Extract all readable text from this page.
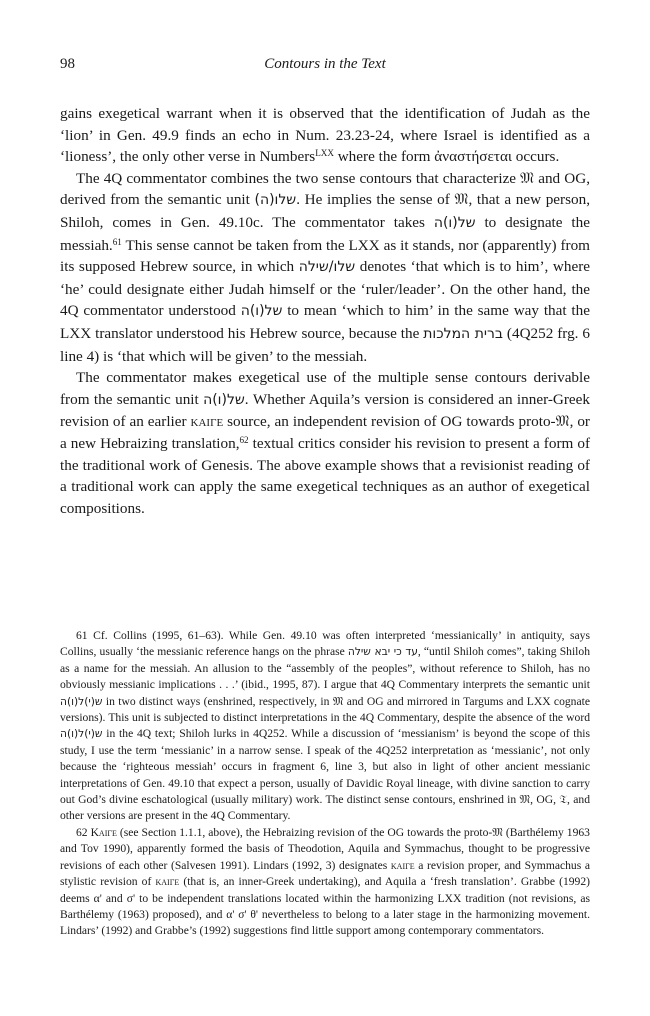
98	Contours in the Text

gains exegetical warrant when it is observed that the identification of Judah as the ‘lion’ in Gen. 49.9 finds an echo in Num. 23.23-24, where Israel is identified as a ‘lioness’, the only other verse in Numbers$^{LXX}$ where the form ἀναστήσεται occurs.

The 4Q commentator combines the two sense contours that characterize 𝔐 and OG, derived from the semantic unit שלו(ה). He implies the sense of 𝔐, that a new person, Shiloh, comes in Gen. 49.10c. The commentator takes של(ו)ה to designate the messiah.$^{61}$ This sense cannot be taken from the LXX as it stands, nor (apparently) from its supposed Hebrew source, in which שלו/שילה denotes ‘that which is to him’, where ‘he’ could designate either Judah himself or the ‘ruler/leader’. On the other hand, the 4Q commentator understood של(ו)ה to mean ‘which to him’ in the same way that the LXX translator understood his Hebrew source, because the ברית המלכות (4Q252 frg. 6 line 4) is ‘that which will be given’ to the messiah.

The commentator makes exegetical use of the multiple sense contours derivable from the semantic unit של(ו)ה. Whether Aquila’s version is considered an inner-Greek revision of an earlier καιγε source, an independent revision of OG towards proto-𝔐, or a new Hebraizing translation,$^{62}$ textual critics consider his revision to present a form of the traditional work of Genesis. The above example shows that a revisionist reading of a traditional work can apply the same exegetical techniques as an author of exegetical compositions.

61 Cf. Collins (1995, 61–63). While Gen. 49.10 was often interpreted ‘messianically’ in antiquity, says Collins, usually ‘the messianic reference hangs on the phrase עד כי יבא שילה, “until Shiloh comes”, taking Shiloh as a name for the messiah. An allusion to the “assembly of the peoples”, without reference to Shiloh, has no obviously messianic implications . . .’ (ibid., 1995, 87). I argue that 4Q Commentary interprets the semantic unit ש(י)ל(ו)ה in two distinct ways (enshrined, respectively, in 𝔐 and OG and mirrored in Targums and LXX cognate versions). This unit is subjected to distinct interpretations in the 4Q Commentary, despite the absence of the word ש(י)ל(ו)ה in the 4Q text; Shiloh lurks in 4Q252. While a discussion of ‘messianism’ is beyond the scope of this study, I use the term ‘messianic’ in a narrow sense. I speak of the 4Q252 interpretation as ‘messianic’, not only because the ‘righteous messiah’ occurs in fragment 6, line 3, but also in light of other ancient messianic interpretations of Gen. 49.10 that expect a person, usually of Davidic Royal lineage, with divine sanction to carry out God’s divine eschatological (usually military) work. The distinct sense contours, enshrined in 𝔐, OG, 𝔗, and other versions are present in the 4Q Commentary.

62 Καιγε (see Section 1.1.1, above), the Hebraizing revision of the OG towards the proto-𝔐 (Barthélemy 1963 and Tov 1990), apparently formed the basis of Theodotion, Aquila and Symmachus, thought to be progressive revisions of each other (Salvesen 1991). Lindars (1992, 3) designates καιγε a revision proper, and Symmachus a stylistic revision of καιγε (that is, an inner-Greek undertaking), and Aquila a ‘fresh translation’. Grabbe (1992) deems α' and σ' to be independent translations located within the harmonizing LXX tradition (not revisions, as Barthélemy (1963) proposed), and α' σ' θ' nevertheless to belong to a later stage in the harmonizing movement. Lindars’ (1992) and Grabbe’s (1992) suggestions find little support among contemporary commentators.
